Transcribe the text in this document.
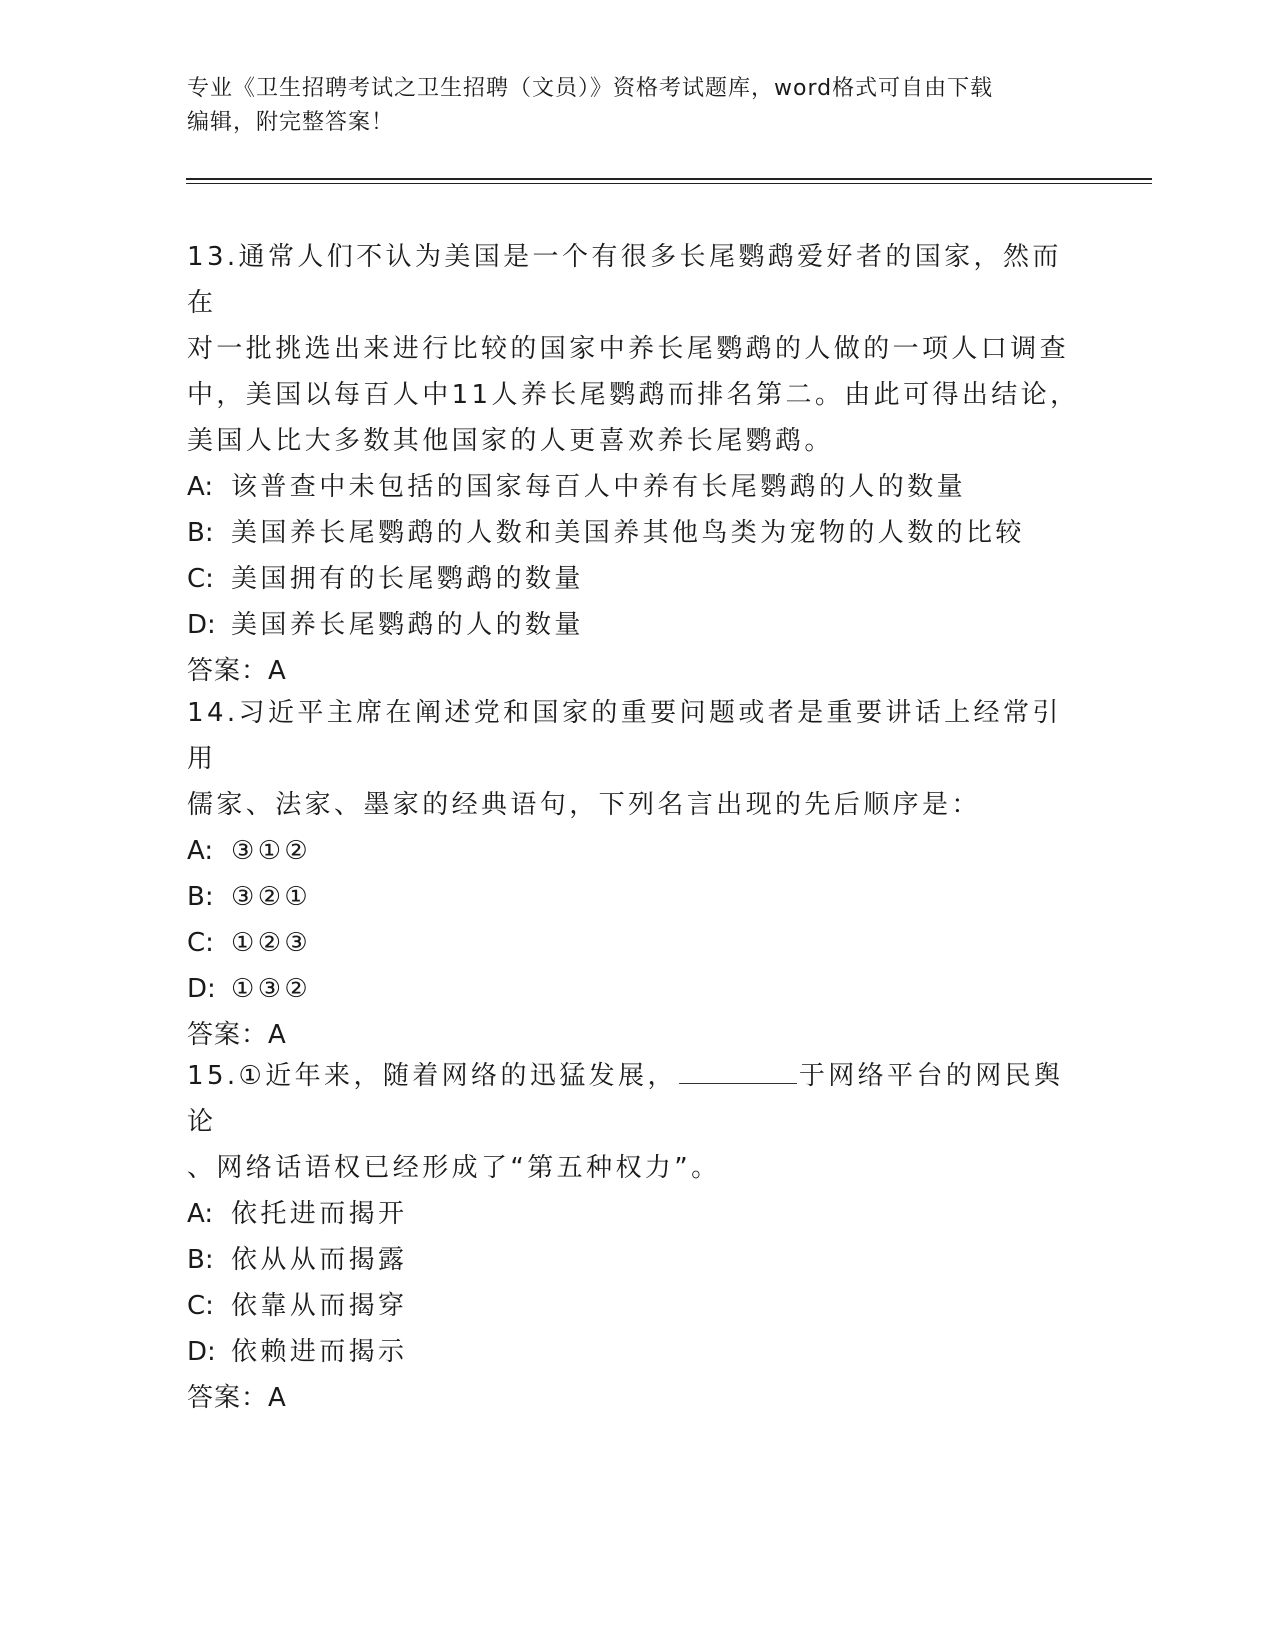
专业《卫生招聘考试之卫生招聘（文员）》资格考试题库，word格式可自由下载
编辑，附完整答案！

13.通常人们不认为美国是一个有很多长尾鹦鹉爱好者的国家，然而在

对一批挑选出来进行比较的国家中养长尾鹦鹉的人做的一项人口调查

中，美国以每百人中11人养长尾鹦鹉而排名第二。由此可得出结论，

美国人比大多数其他国家的人更喜欢养长尾鹦鹉。

A: 该普查中未包括的国家每百人中养有长尾鹦鹉的人的数量

B: 美国养长尾鹦鹉的人数和美国养其他鸟类为宠物的人数的比较

C: 美国拥有的长尾鹦鹉的数量

D: 美国养长尾鹦鹉的人的数量

答案：A

14.习近平主席在阐述党和国家的重要问题或者是重要讲话上经常引用

儒家、法家、墨家的经典语句，下列名言出现的先后顺序是：

A: ③①②

B: ③②①

C: ①②③

D: ①③②

答案：A

15.①近年来，随着网络的迅猛发展，	于网络平台的网民舆论

、网络话语权已经形成了“第五种权力”。

A: 依托进而揭开

B: 依从从而揭露

C: 依靠从而揭穿

D: 依赖进而揭示

答案：A
